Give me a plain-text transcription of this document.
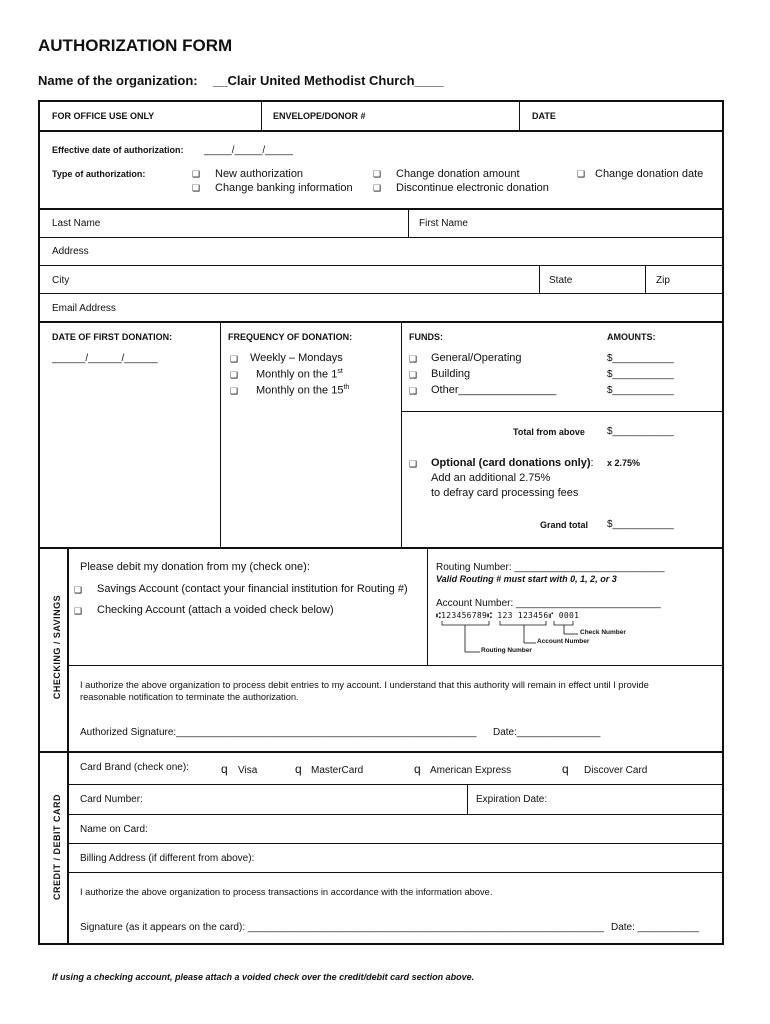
AUTHORIZATION FORM
Name of the organization: __Clair United Methodist Church____
FOR OFFICE USE ONLY	ENVELOPE/DONOR #	DATE
Effective date of authorization: _____/_____/_____
Type of authorization:	❑ New authorization	❑ Change donation amount	❑ Change donation date
❑ Change banking information ❑ Discontinue electronic donation
Last Name	First Name
Address
City	State	Zip
Email Address
DATE OF FIRST DONATION:
______/______/______
FREQUENCY OF DONATION:
❑ Weekly – Mondays
❑ Monthly on the 1st
❑ Monthly on the 15th
FUNDS:	AMOUNTS:
❑ General/Operating	$___________
❑ Building	$___________
❑ Other________________	$___________
Total from above $___________
❑ Optional (card donations only): Add an additional 2.75%
to defray card processing fees
x 2.75%
Grand total $___________
CHECKING / SAVINGS
Please debit my donation from my (check one):
❑ Savings Account (contact your financial institution for Routing #)
❑ Checking Account (attach a voided check below)
Routing Number: ___________________________
Valid Routing # must start with 0, 1, 2, or 3
Account Number: __________________________
⑆123456789⑆ 123 123456⑈ 0001
Check Number
Account Number
Routing Number
I authorize the above organization to process debit entries to my account. I understand that this authority will remain in effect until I provide
reasonable notification to terminate the authorization.
Authorized Signature:______________________________________________________ Date:_______________
CREDIT / DEBIT CARD
Card Brand (check one):	q Visa	q MasterCard	q American Express	q Discover Card
Card Number:	Expiration Date:
Name on Card:
Billing Address (if different from above):
I authorize the above organization to process transactions in accordance with the information above.
Signature (as it appears on the card): ________________________________________________________________ Date: ___________
If using a checking account, please attach a voided check over the credit/debit card section above.
